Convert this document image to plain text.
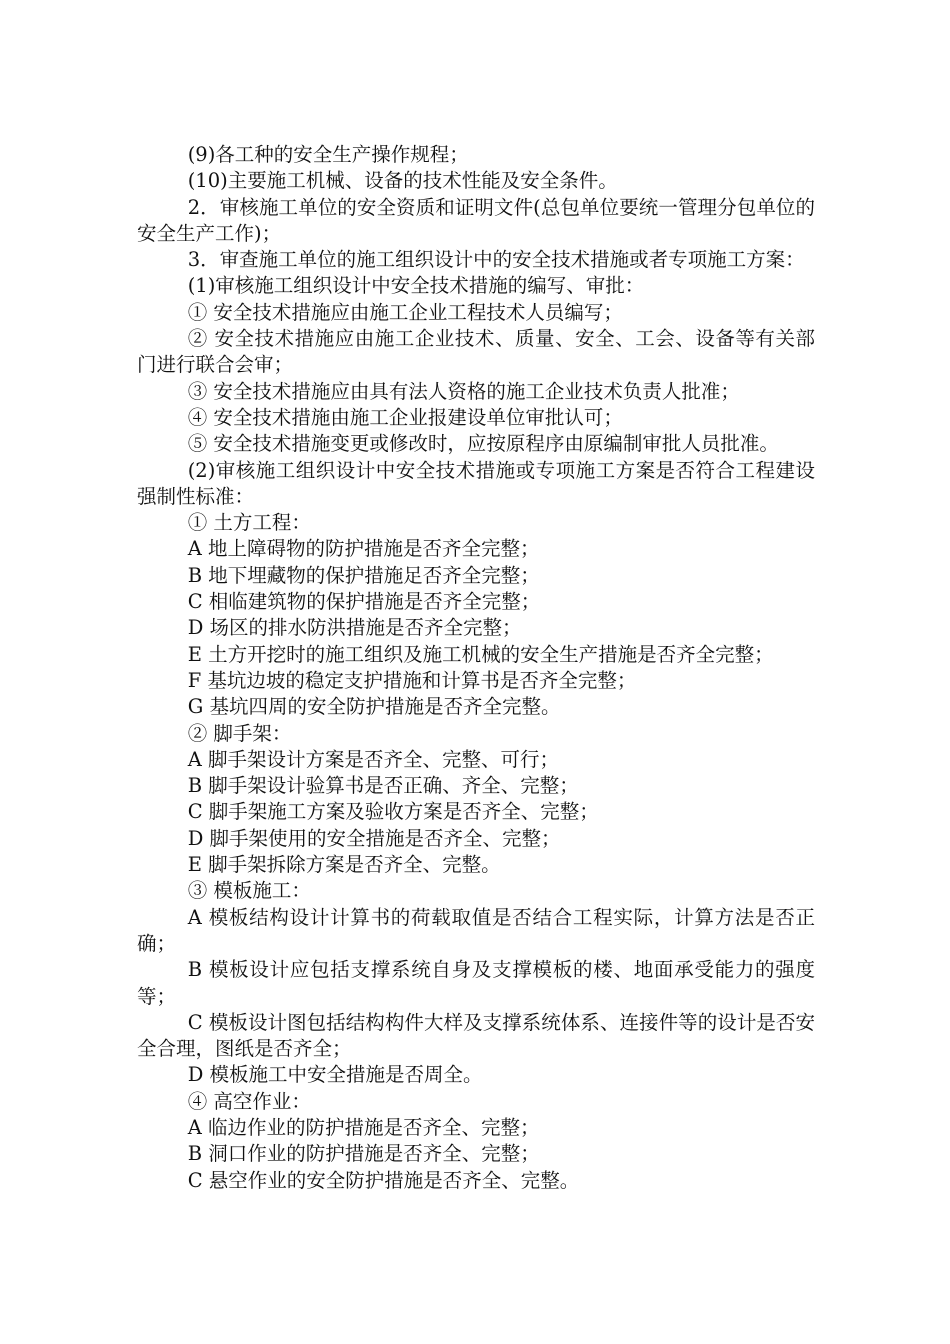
(9)各工种的安全生产操作规程；

(10)主要施工机械、设备的技术性能及安全条件。

2．审核施工单位的安全资质和证明文件(总包单位要统一管理分包单位的安全生产工作)；

3．审查施工单位的施工组织设计中的安全技术措施或者专项施工方案：

(1)审核施工组织设计中安全技术措施的编写、审批：

① 安全技术措施应由施工企业工程技术人员编写；

② 安全技术措施应由施工企业技术、质量、安全、工会、设备等有关部门进行联合会审；

③ 安全技术措施应由具有法人资格的施工企业技术负责人批准；

④ 安全技术措施由施工企业报建设单位审批认可；

⑤ 安全技术措施变更或修改时，应按原程序由原编制审批人员批准。

(2)审核施工组织设计中安全技术措施或专项施工方案是否符合工程建设强制性标准：

① 土方工程：

A 地上障碍物的防护措施是否齐全完整；

B 地下埋藏物的保护措施足否齐全完整；

C 相临建筑物的保护措施是否齐全完整；

D 场区的排水防洪措施是否齐全完整；

E 土方开挖时的施工组织及施工机械的安全生产措施是否齐全完整；

F 基坑边坡的稳定支护措施和计算书是否齐全完整；

G 基坑四周的安全防护措施是否齐全完整。

② 脚手架：

A 脚手架设计方案是否齐全、完整、可行；

B 脚手架设计验算书是否正确、齐全、完整；

C 脚手架施工方案及验收方案是否齐全、完整；

D 脚手架使用的安全措施是否齐全、完整；

E 脚手架拆除方案是否齐全、完整。

③ 模板施工：

A 模板结构设计计算书的荷载取值是否结合工程实际，计算方法是否正确；

B 模板设计应包括支撑系统自身及支撑模板的楼、地面承受能力的强度等；

C 模板设计图包括结构构件大样及支撑系统体系、连接件等的设计是否安全合理，图纸是否齐全；

D 模板施工中安全措施是否周全。

④ 高空作业：

A 临边作业的防护措施是否齐全、完整；

B 洞口作业的防护措施是否齐全、完整；

C 悬空作业的安全防护措施是否齐全、完整。
